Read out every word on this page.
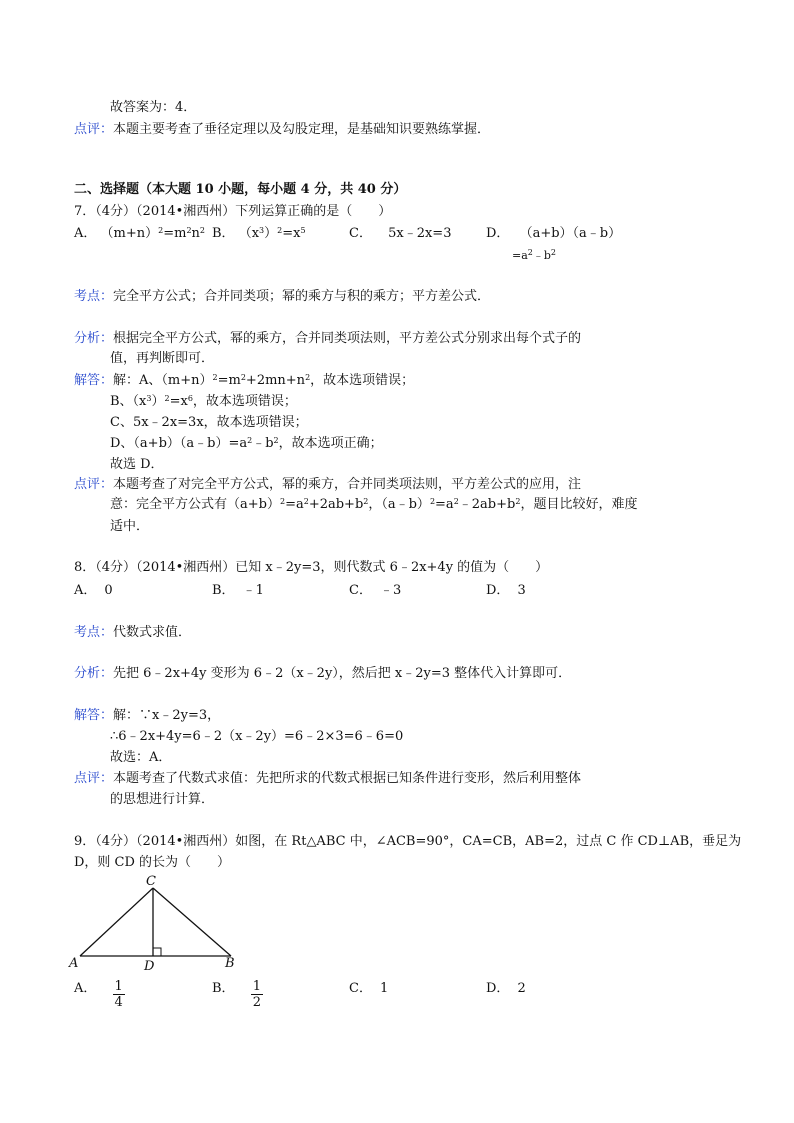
故答案为：4．
点评：本题主要考查了垂径定理以及勾股定理，是基础知识要熟练掌握．
二、选择题（本大题 10 小题，每小题 4 分，共 40 分）
7．（4分）（2014•湘西州）下列运算正确的是（　　）
A． $(m+n)^2=m^2n^2$ B． $(x^3)^2=x^5$	C． 5x﹣2x=3	D． （a+b）（a﹣b）
$=a^2﹣b^2$
考点：完全平方公式；合并同类项；幂的乘方与积的乘方；平方差公式．
分析：根据完全平方公式，幂的乘方，合并同类项法则，平方差公式分别求出每个式子的
值，再判断即可．
解答：解：A、$(m+n)^2=m^2+2mn+n^2$，故本选项错误；
B、$(x^3)^2=x^6$，故本选项错误；
C、5x﹣2x=3x，故本选项错误；
D、$(a+b)(a﹣b)=a^2﹣b^2$，故本选项正确；
故选 D．
点评：本题考查了对完全平方公式，幂的乘方，合并同类项法则，平方差公式的应用，注
意：完全平方公式有$(a+b)^2=a^2+2ab+b^2$，$(a﹣b)^2=a^2﹣2ab+b^2$，题目比较好，难度
适中．
8．（4分）（2014•湘西州）已知 x﹣2y=3，则代数式 6﹣2x+4y 的值为（　　）
A． 0	B． ﹣1	C． ﹣3	D． 3
考点：代数式求值．
分析：先把 6﹣2x+4y 变形为 6﹣2（x﹣2y），然后把 x﹣2y=3 整体代入计算即可．
解答：解：∵x﹣2y=3，
∴6﹣2x+4y=6﹣2（x﹣2y）=6﹣2×3=6﹣6=0
故选：A．
点评：本题考查了代数式求值：先把所求的代数式根据已知条件进行变形，然后利用整体
的思想进行计算．
9．（4分）（2014•湘西州）如图，在 Rt△ABC 中，∠ACB=90°，CA=CB，AB=2，过点 C 作 CD⊥AB，垂足为
D，则 CD 的长为（　　）
A	B
C
D
A． $\frac{1}{4}$	B． $\frac{1}{2}$	C． 1	D． 2
